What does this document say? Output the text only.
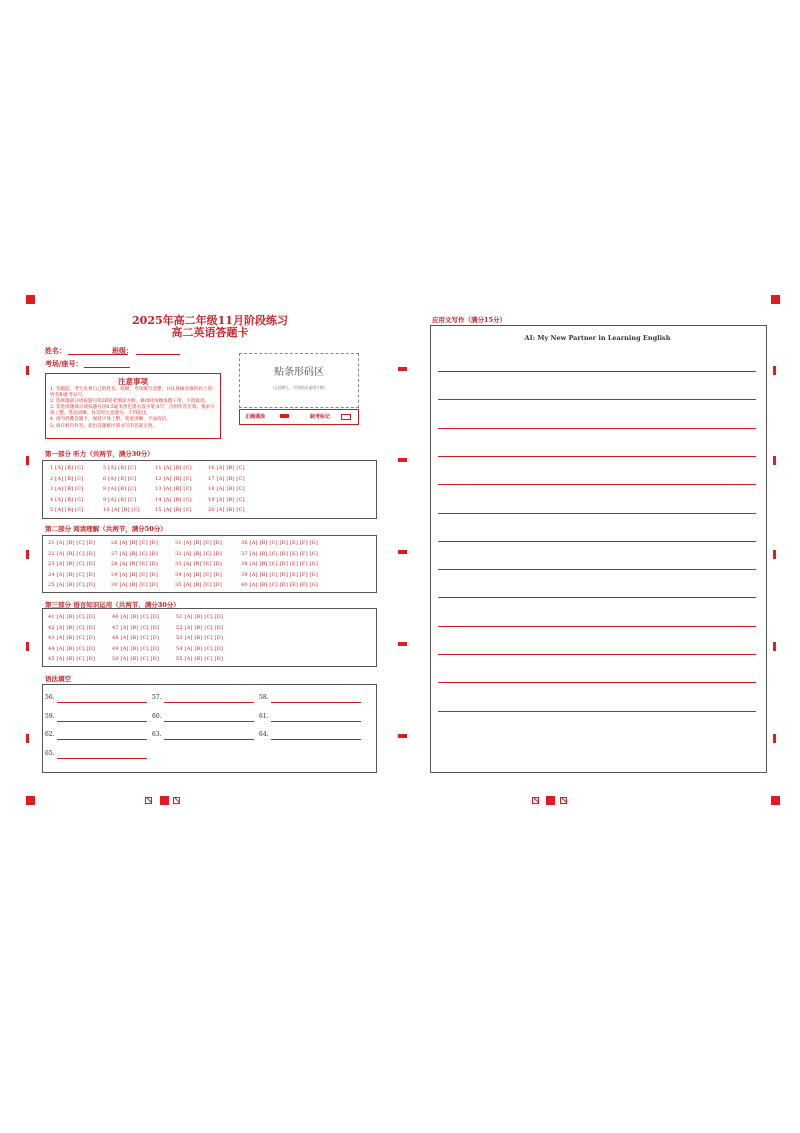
2025年高二年级11月阶段练习
高二英语答题卡
姓名：	班级：
考场/座号：
注意事项
1. 答题前，考生先将自己的姓名、班级、考场填写清楚，并认真核对条形码上的姓名和准考证号。
2. 选择题部分请按题号用2B铅笔填涂方框，修改时用橡皮擦干净，不留痕迹。
3. 非选择题部分请按题号用0.5毫米黑色墨水签字笔书写，否则作答无效。要求字体工整、笔迹清晰。作答时注意题号，不得超出。
4. 请勿折叠答题卡，保持字体工整、笔迹清晰、卡面清洁。
5. 请在框内作答，超出答题框区域书写的答案无效。
贴条形码区
（正面朝上，切勿贴出虚线方框）
正确填涂	缺考标记
第一部分 听力（共两节，满分30分）
1 [A] [B] [C]	5 [A] [B] [C]	11 [A] [B] [C]	16 [A] [B] [C]
2 [A] [B] [C]	6 [A] [B] [C]	12 [A] [B] [C]	17 [A] [B] [C]
3 [A] [B] [C]	8 [A] [B] [C]	13 [A] [B] [C]	18 [A] [B] [C]
4 [A] [B] [C]	9 [A] [B] [C]	14 [A] [B] [C]	19 [A] [B] [C]
5 [A] [B] [C]	10 [A] [B] [C]	15 [A] [B] [C]	20 [A] [B] [C]
第二部分 阅读理解（共两节，满分50分）
21 [A] [B] [C] [D]	26 [A] [B] [C] [D]	31 [A] [B] [C] [D]	36 [A] [B] [C] [D] [E] [F] [G]
22 [A] [B] [C] [D]	27 [A] [B] [C] [D]	32 [A] [B] [C] [D]	37 [A] [B] [C] [D] [E] [F] [G]
23 [A] [B] [C] [D]	28 [A] [B] [C] [D]	33 [A] [B] [C] [D]	38 [A] [B] [C] [D] [E] [F] [G]
24 [A] [B] [C] [D]	29 [A] [B] [C] [D]	34 [A] [B] [C] [D]	39 [A] [B] [C] [D] [E] [F] [G]
25 [A] [B] [C] [D]	30 [A] [B] [C] [D]	35 [A] [B] [C] [D]	40 [A] [B] [C] [D] [E] [F] [G]
第三部分 语言知识运用（共两节，满分30分）
41 [A] [B] [C] [D]	46 [A] [B] [C] [D]	51 [A] [B] [C] [D]
42 [A] [B] [C] [D]	47 [A] [B] [C] [D]	52 [A] [B] [C] [D]
43 [A] [B] [C] [D]	48 [A] [B] [C] [D]	53 [A] [B] [C] [D]
44 [A] [B] [C] [D]	49 [A] [B] [C] [D]	54 [A] [B] [C] [D]
45 [A] [B] [C] [D]	50 [A] [B] [C] [D]	55 [A] [B] [C] [D]
语法填空
56.	57.	58.
59.	60.	61.
62.	63.	64.
65.
应用文写作（满分15分）
AI: My New Partner in Learning English
